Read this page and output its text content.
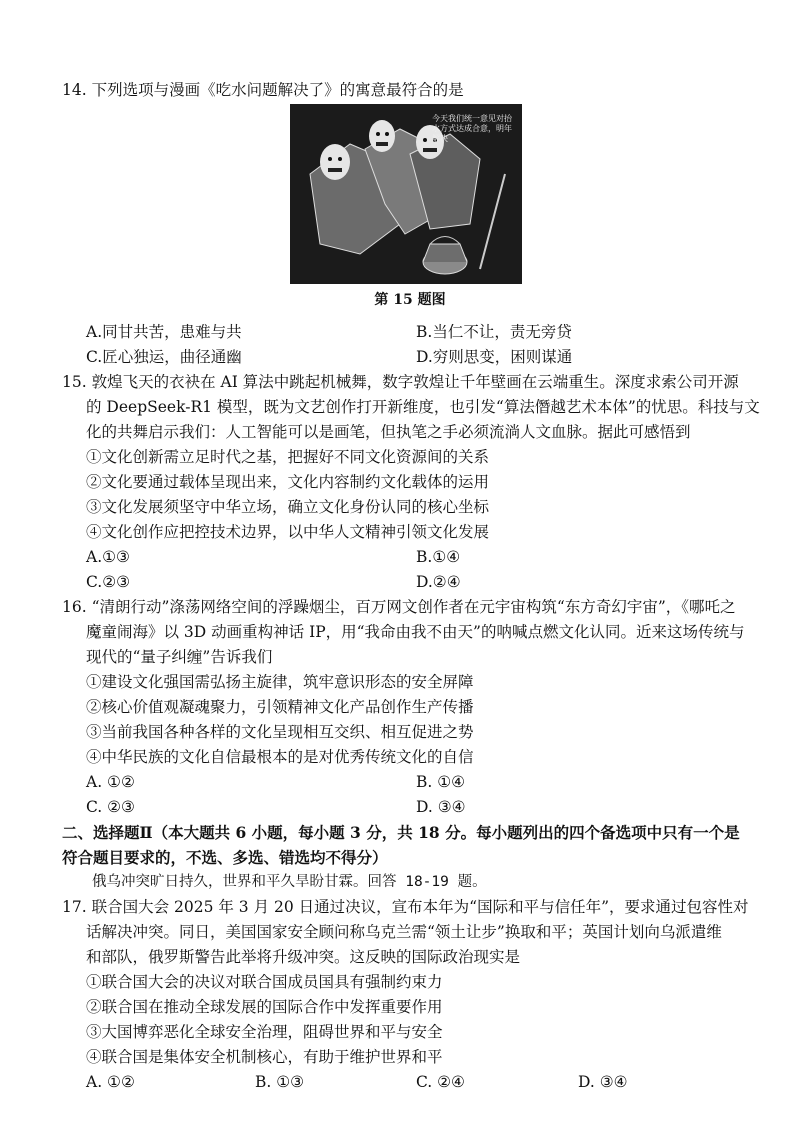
14. 下列选项与漫画《吃水问题解决了》的寓意最符合的是
今天我们统一意见对抬水方式达成合意，明年解决
第 15 题图
A.同甘共苦，患难与共	B.当仁不让，责无旁贷
C.匠心独运，曲径通幽	D.穷则思变，困则谋通
15. 敦煌飞天的衣袂在 AI 算法中跳起机械舞，数字敦煌让千年壁画在云端重生。深度求索公司开源
的 DeepSeek-R1 模型，既为文艺创作打开新维度，也引发“算法僭越艺术本体”的忧思。科技与文
化的共舞启示我们：人工智能可以是画笔，但执笔之手必须流淌人文血脉。据此可感悟到
①文化创新需立足时代之基，把握好不同文化资源间的关系
②文化要通过载体呈现出来，文化内容制约文化载体的运用
③文化发展须坚守中华立场，确立文化身份认同的核心坐标
④文化创作应把控技术边界，以中华人文精神引领文化发展
A.①③	B.①④
C.②③	D.②④
16. “清朗行动”涤荡网络空间的浮躁烟尘，百万网文创作者在元宇宙构筑“东方奇幻宇宙”，《哪吒之
魔童闹海》以 3D 动画重构神话 IP，用“我命由我不由天”的呐喊点燃文化认同。近来这场传统与
现代的“量子纠缠”告诉我们
①建设文化强国需弘扬主旋律，筑牢意识形态的安全屏障
②核心价值观凝魂聚力，引领精神文化产品创作生产传播
③当前我国各种各样的文化呈现相互交织、相互促进之势
④中华民族的文化自信最根本的是对优秀传统文化的自信
A. ①②	B. ①④
C. ②③	D. ③④
二、选择题Ⅱ（本大题共 6 小题，每小题 3 分，共 18 分。每小题列出的四个备选项中只有一个是
符合题目要求的，不选、多选、错选均不得分）
俄乌冲突旷日持久，世界和平久旱盼甘霖。回答 18-19 题。
17. 联合国大会 2025 年 3 月 20 日通过决议，宣布本年为“国际和平与信任年”，要求通过包容性对
话解决冲突。同日，美国国家安全顾问称乌克兰需“领土让步”换取和平；英国计划向乌派遣维
和部队，俄罗斯警告此举将升级冲突。这反映的国际政治现实是
①联合国大会的决议对联合国成员国具有强制约束力
②联合国在推动全球发展的国际合作中发挥重要作用
③大国博弈恶化全球安全治理，阻碍世界和平与安全
④联合国是集体安全机制核心，有助于维护世界和平
A. ①②	B. ①③	C. ②④	D. ③④
